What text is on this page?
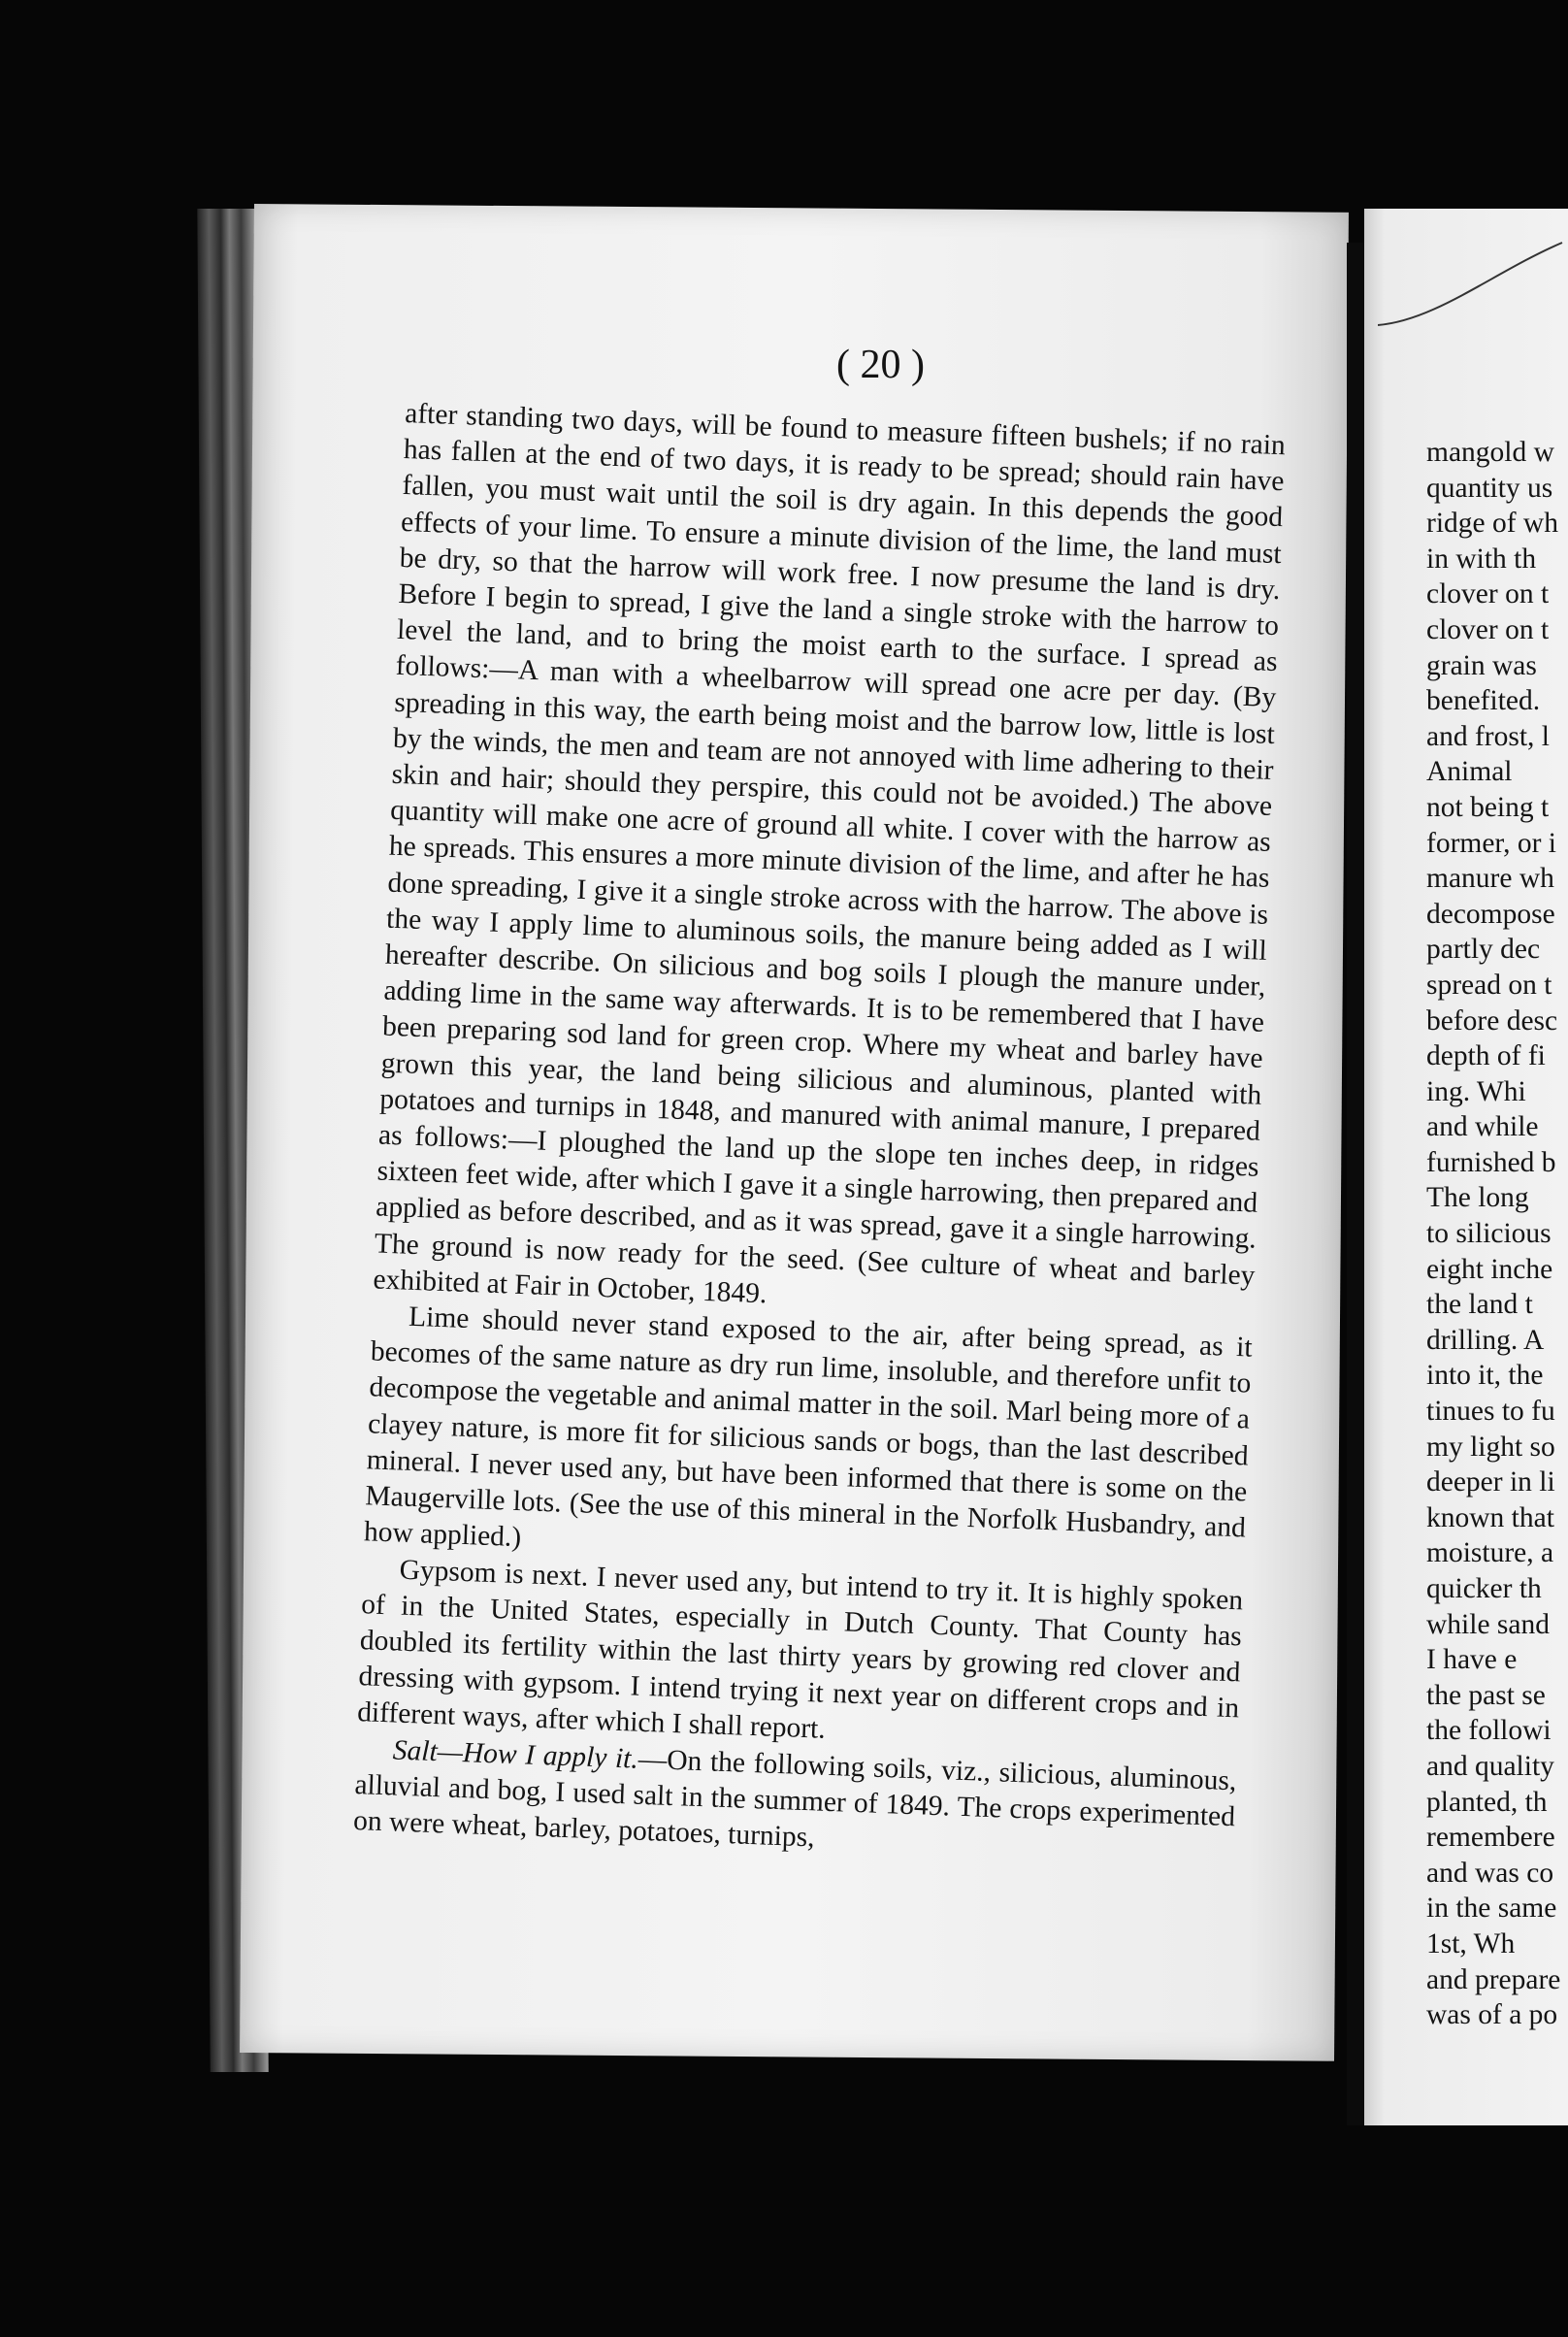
( 20 )

after standing two days, will be found to measure fifteen bushels; if no rain has fallen at the end of two days, it is ready to be spread; should rain have fallen, you must wait until the soil is dry again. In this depends the good effects of your lime. To ensure a minute division of the lime, the land must be dry, so that the harrow will work free. I now presume the land is dry. Before I begin to spread, I give the land a single stroke with the harrow to level the land, and to bring the moist earth to the surface. I spread as follows:—A man with a wheelbarrow will spread one acre per day. (By spreading in this way, the earth being moist and the barrow low, little is lost by the winds, the men and team are not annoyed with lime adhering to their skin and hair; should they perspire, this could not be avoided.) The above quantity will make one acre of ground all white. I cover with the harrow as he spreads. This ensures a more minute division of the lime, and after he has done spreading, I give it a single stroke across with the harrow. The above is the way I apply lime to aluminous soils, the manure being added as I will hereafter describe. On silicious and bog soils I plough the manure under, adding lime in the same way afterwards. It is to be remembered that I have been preparing sod land for green crop. Where my wheat and barley have grown this year, the land being silicious and aluminous, planted with potatoes and turnips in 1848, and manured with animal manure, I prepared as follows:—I ploughed the land up the slope ten inches deep, in ridges sixteen feet wide, after which I gave it a single harrowing, then prepared and applied as before described, and as it was spread, gave it a single harrowing. The ground is now ready for the seed. (See culture of wheat and barley exhibited at Fair in October, 1849.

Lime should never stand exposed to the air, after being spread, as it becomes of the same nature as dry run lime, insoluble, and therefore unfit to decompose the vegetable and animal matter in the soil. Marl being more of a clayey nature, is more fit for silicious sands or bogs, than the last described mineral. I never used any, but have been informed that there is some on the Maugerville lots. (See the use of this mineral in the Norfolk Husbandry, and how applied.)

Gypsom is next. I never used any, but intend to try it. It is highly spoken of in the United States, especially in Dutch County. That County has doubled its fertility within the last thirty years by growing red clover and dressing with gypsom. I intend trying it next year on different crops and in different ways, after which I shall report.

Salt—How I apply it.—On the following soils, viz., silicious, aluminous, alluvial and bog, I used salt in the summer of 1849. The crops experimented on were wheat, barley, potatoes, turnips,

mangold w
quantity us
ridge of wh
in with th
clover on t
clover on t
grain was
benefited.
and frost, l
Animal
not being t
former, or i
manure wh
decompose
partly dec
spread on t
before desc
depth of fi
ing. Whi
and while
furnished b
The long
to silicious
eight inche
the land t
drilling. A
into it, the
tinues to fu
my light so
deeper in li
known that
moisture, a
quicker th
while sand
I have e
the past se
the followi
and quality
planted, th
remembere
and was co
in the same
1st, Wh
and prepare
was of a po
